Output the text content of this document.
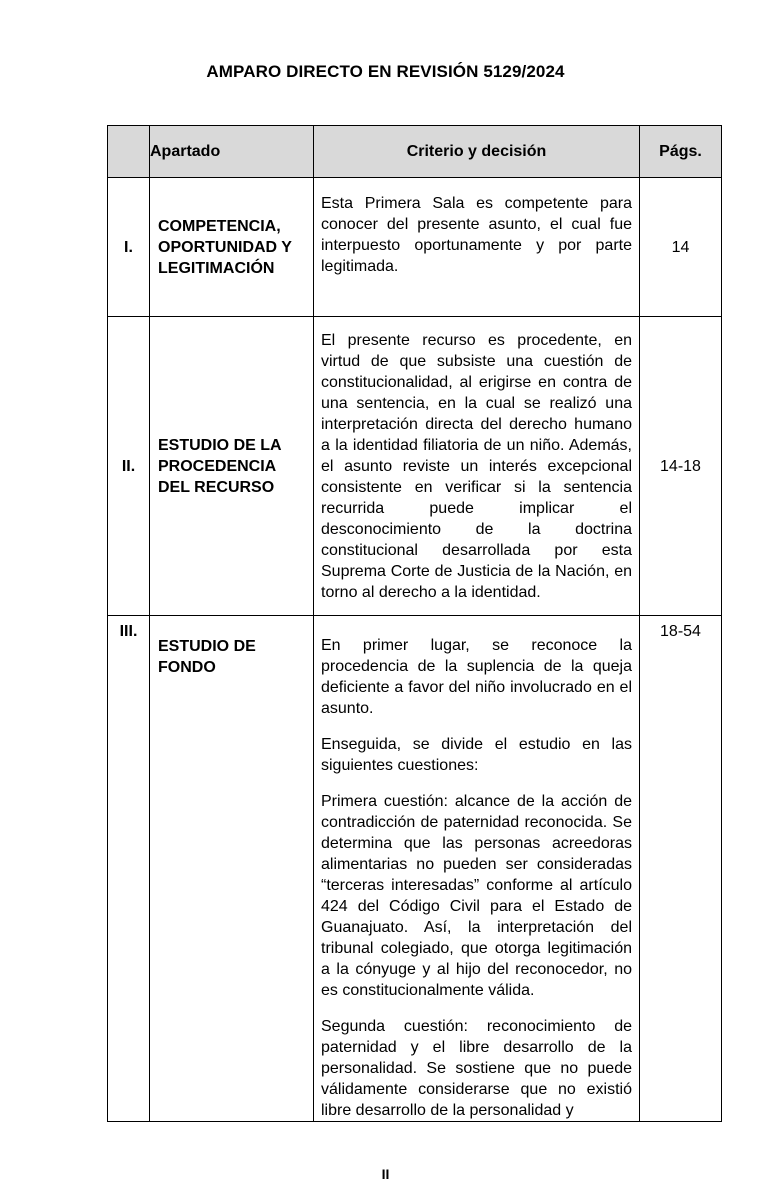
AMPARO DIRECTO EN REVISIÓN 5129/2024
	Apartado	Criterio y decisión	Págs.
I.	COMPETENCIA, OPORTUNIDAD Y LEGITIMACIÓN	Esta Primera Sala es competente para conocer del presente asunto, el cual fue interpuesto oportunamente y por parte legitimada.	14
II.	ESTUDIO DE LA PROCEDENCIA DEL RECURSO	El presente recurso es procedente, en virtud de que subsiste una cuestión de constitucionalidad, al erigirse en contra de una sentencia, en la cual se realizó una interpretación directa del derecho humano a la identidad filiatoria de un niño. Además, el asunto reviste un interés excepcional consistente en verificar si la sentencia recurrida puede implicar el desconocimiento de la doctrina constitucional desarrollada por esta Suprema Corte de Justicia de la Nación, en torno al derecho a la identidad.	14-18
III.	ESTUDIO DE FONDO	En primer lugar, se reconoce la procedencia de la suplencia de la queja deficiente a favor del niño involucrado en el asunto.

Enseguida, se divide el estudio en las siguientes cuestiones:

Primera cuestión: alcance de la acción de contradicción de paternidad reconocida. Se determina que las personas acreedoras alimentarias no pueden ser consideradas “terceras interesadas” conforme al artículo 424 del Código Civil para el Estado de Guanajuato. Así, la interpretación del tribunal colegiado, que otorga legitimación a la cónyuge y al hijo del reconocedor, no es constitucionalmente válida.

Segunda cuestión: reconocimiento de paternidad y el libre desarrollo de la personalidad. Se sostiene que no puede válidamente considerarse que no existió libre desarrollo de la personalidad y	18-54
II
